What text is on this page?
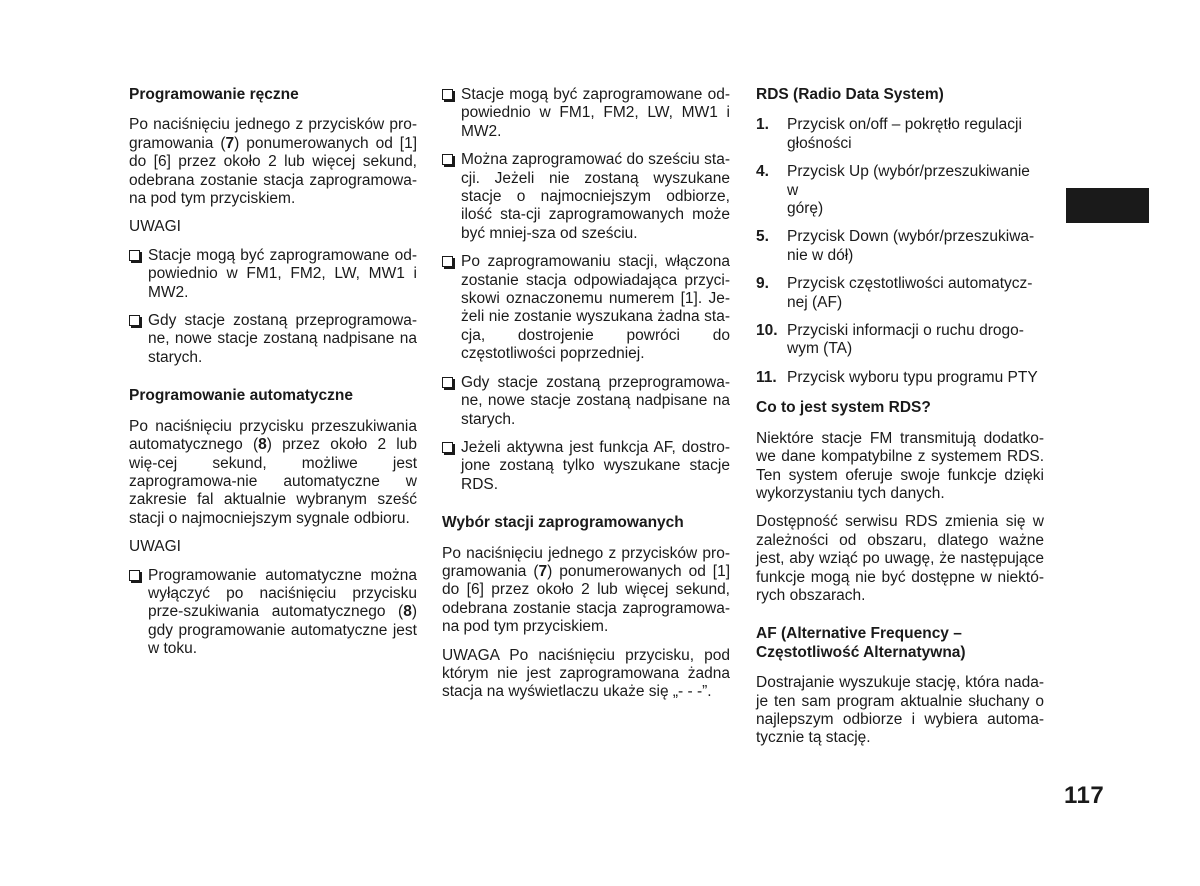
Programowanie ręczne

Po naciśnięciu jednego z przycisków pro-gramowania (7) ponumerowanych od [1] do [6] przez około 2 lub więcej sekund, odebrana zostanie stacja zaprogramowa-na pod tym przyciskiem.

UWAGI
Stacje mogą być zaprogramowane od-powiednio w FM1, FM2, LW, MW1 i MW2.
Gdy stacje zostaną przeprogramowa-ne, nowe stacje zostaną nadpisane na starych.
Programowanie automatyczne

Po naciśnięciu przycisku przeszukiwania automatycznego (8) przez około 2 lub wię-cej sekund, możliwe jest zaprogramowa-nie automatyczne w zakresie fal aktualnie wybranym sześć stacji o najmocniejszym sygnale odbioru.

UWAGI
Programowanie automatyczne można wyłączyć po naciśnięciu przycisku prze-szukiwania automatycznego (8) gdy programowanie automatyczne jest w toku.
Stacje mogą być zaprogramowane od-powiednio w FM1, FM2, LW, MW1 i MW2.
Można zaprogramować do sześciu sta-cji. Jeżeli nie zostaną wyszukane stacje o najmocniejszym odbiorze, ilość sta-cji zaprogramowanych może być mniej-sza od sześciu.
Po zaprogramowaniu stacji, włączona zostanie stacja odpowiadająca przyci-skowi oznaczonemu numerem [1]. Je-żeli nie zostanie wyszukana żadna sta-cja, dostrojenie powróci do częstotliwości poprzedniej.
Gdy stacje zostaną przeprogramowa-ne, nowe stacje zostaną nadpisane na starych.
Jeżeli aktywna jest funkcja AF, dostro-jone zostaną tylko wyszukane stacje RDS.
Wybór stacji zaprogramowanych

Po naciśnięciu jednego z przycisków pro-gramowania (7) ponumerowanych od [1] do [6] przez około 2 lub więcej sekund, odebrana zostanie stacja zaprogramowa-na pod tym przyciskiem.

UWAGA Po naciśnięciu przycisku, pod którym nie jest zaprogramowana żadna stacja na wyświetlaczu ukaże się „- - -”.

RDS (Radio Data System)
1. Przycisk on/off – pokrętło regulacji głośności
4. Przycisk Up (wybór/przeszukiwanie w
górę)
5. Przycisk Down (wybór/przeszukiwa-nie w dół)
9. Przycisk częstotliwości automatycz-nej (AF)
10. Przyciski informacji o ruchu drogo-wym (TA)
11. Przycisk wyboru typu programu PTY
Co to jest system RDS?

Niektóre stacje FM transmitują dodatko-we dane kompatybilne z systemem RDS. Ten system oferuje swoje funkcje dzięki wykorzystaniu tych danych.

Dostępność serwisu RDS zmienia się w zależności od obszaru, dlatego ważne jest, aby wziąć po uwagę, że następujące funkcje mogą nie być dostępne w niektó-rych obszarach.

AF (Alternative Frequency – Częstotliwość Alternatywna)

Dostrajanie wyszukuje stację, która nada-je ten sam program aktualnie słuchany o najlepszym odbiorze i wybiera automa-tycznie tą stację.

117
